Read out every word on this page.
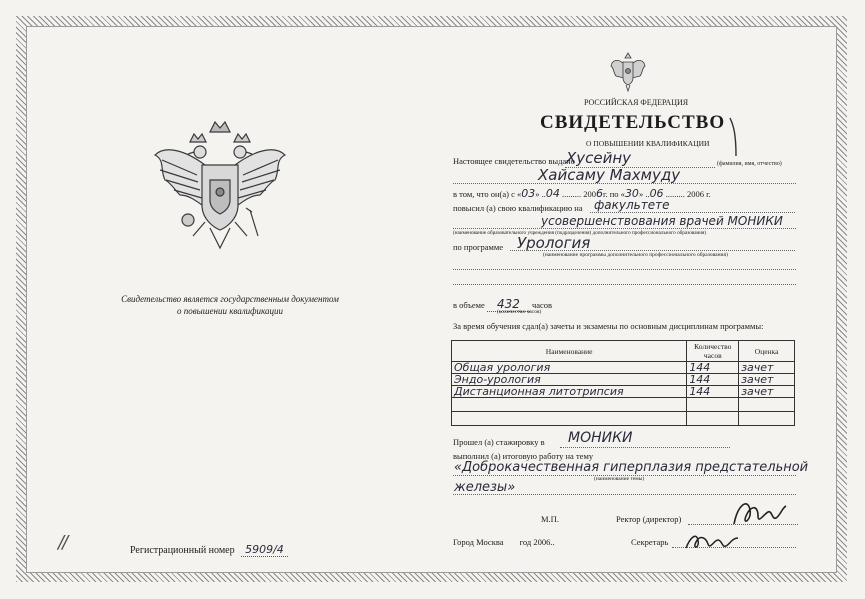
Свидетельство является государственным документом
о повышении квалификации
//	Регистрационный номер 5909/4
РОССИЙСКАЯ ФЕДЕРАЦИЯ
СВИДЕТЕЛЬСТВО
О ПОВЫШЕНИИ КВАЛИФИКАЦИИ
Настоящее свидетельство выдано
Хусейну	(фамилия, имя, отчество)
Хайсаму Махмуду
в том, что он(а) с «03» ..04 ......... 2006г. по «30» ..06 ......... 2006 г.
повысил (а) свою квалификацию на факультете
усовершенствования врачей МОНИКИ
(наименование образовательного учреждения (подразделения) дополнительного профессионального образования)
по программе Урология
(наименование программы дополнительного профессионального образования)
в объеме 432 часов
(количество часов)
За время обучения сдал(а) зачеты и экзамены по основным дисциплинам программы:
Наименование	Количество часов	Оценка
Общая урология	144	зачет
Эндо-урология	144	зачет
Дистанционная литотрипсия	144	зачет

Прошел (а) стажировку в МОНИКИ
выполнил (а) итоговую работу на тему
«Доброкачественная гиперплазия предстательной
(наименование темы)
железы»
М.П.	Ректор (директор)
Город Москва год 2006..	Секретарь
